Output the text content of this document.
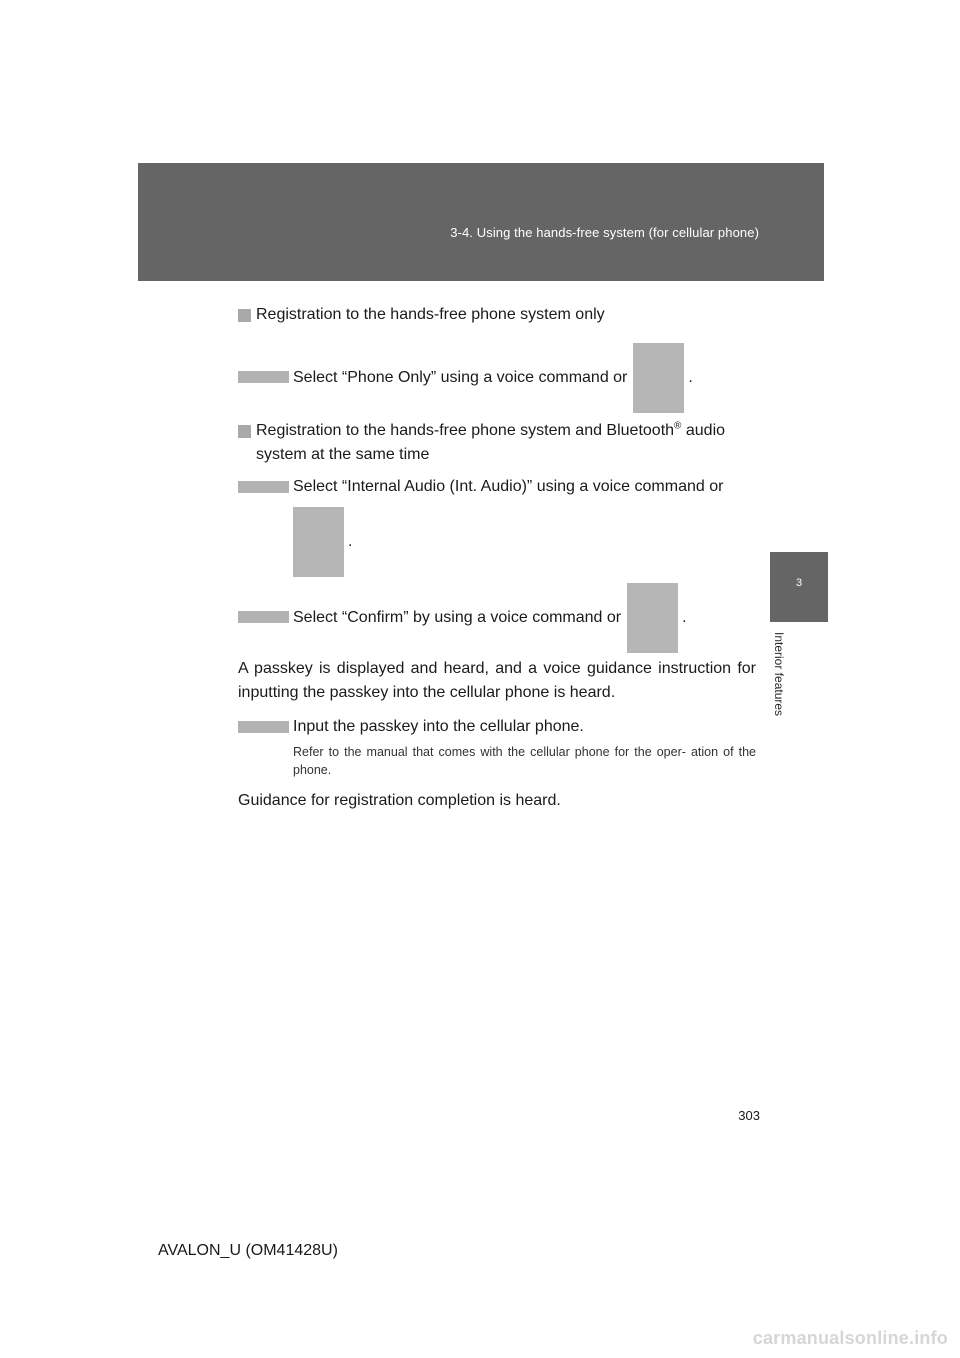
3-4. Using the hands-free system (for cellular phone)
3
Interior features

Registration to the hands-free phone system only

Select “Phone Only” using a voice command or	.

Registration to the hands-free phone system and Bluetooth® audio system at the same time

Select “Internal Audio (Int. Audio)” using a voice command or

.

Select “Confirm” by using a voice command or	.

A passkey is displayed and heard, and a voice guidance instruction for inputting the passkey into the cellular phone is heard.

Input the passkey into the cellular phone.

Refer to the manual that comes with the cellular phone for the oper- ation of the phone.

Guidance for registration completion is heard.

303
AVALON_U (OM41428U)
carmanualsonline.info
